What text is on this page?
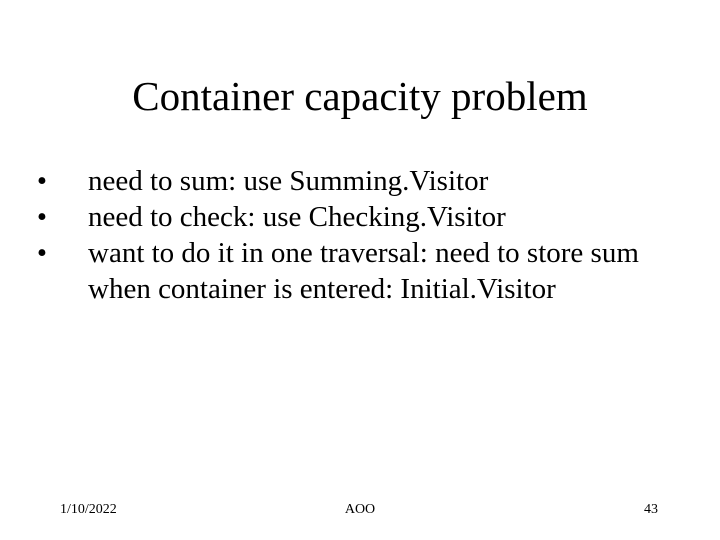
Container capacity problem
• need to sum: use Summing.Visitor
• need to check: use Checking.Visitor
• want to do it in one traversal: need to store sum when container is entered: Initial.Visitor
1/10/2022	AOO	43
